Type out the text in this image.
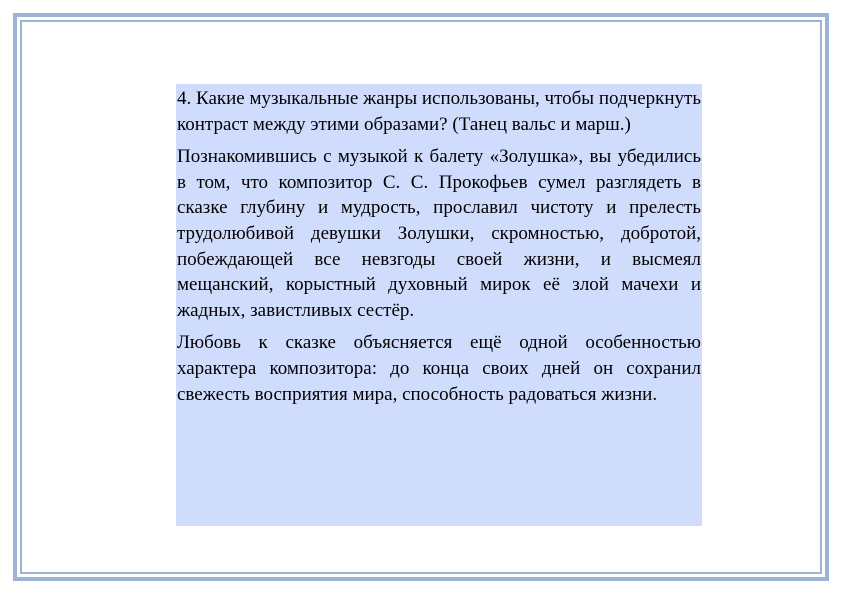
4. Какие музыкальные жанры использованы, чтобы подчеркнуть контраст между этими образами? (Танец вальс и марш.)

Познакомившись с музыкой к балету «Золушка», вы убедились в том, что композитор С. С. Прокофьев сумел разглядеть в сказке глубину и мудрость, прославил чистоту и прелесть трудолюбивой девушки Золушки, скромностью, добротой, побеждающей все невзгоды своей жизни, и высмеял мещанский, корыстный духовный мирок её злой мачехи и жадных, завистливых сестёр.

Любовь к сказке объясняется ещё одной особенностью характера композитора: до конца своих дней он сохранил свежесть восприятия мира, способность радоваться жизни.
